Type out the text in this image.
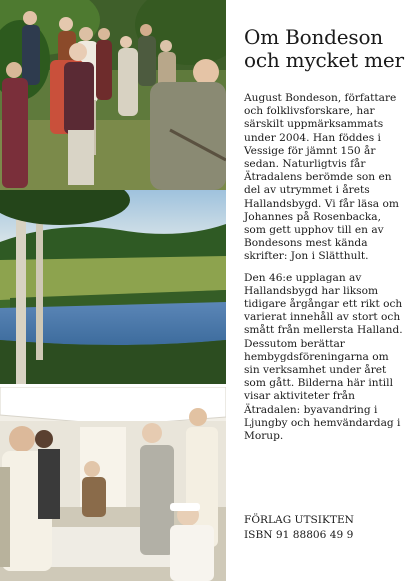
Om Bondeson
och mycket mer

August Bondeson, författare och folklivsforskare, har särskilt uppmärksammats under 2004. Han föddes i Vessige för jämnt 150 år sedan. Naturligtvis får Ätradalens berömde son en del av utrymmet i årets Hallandsbygd. Vi får läsa om Johannes på Rosenbacka, som gett upphov till en av Bondesons mest kända skrifter: Jon i Slätthult.

Den 46:e upplagan av Hallandsbygd har liksom tidigare årgångar ett rikt och varierat innehåll av stort och smått från mellersta Halland. Dessutom berättar hembygdsföreningarna om sin verksamhet under året som gått. Bilderna här intill visar aktiviteter från Ätradalen: byavandring i Ljungby och hemvändardag i Morup.

FÖRLAG UTSIKTEN
ISBN 91 88806 49 9
